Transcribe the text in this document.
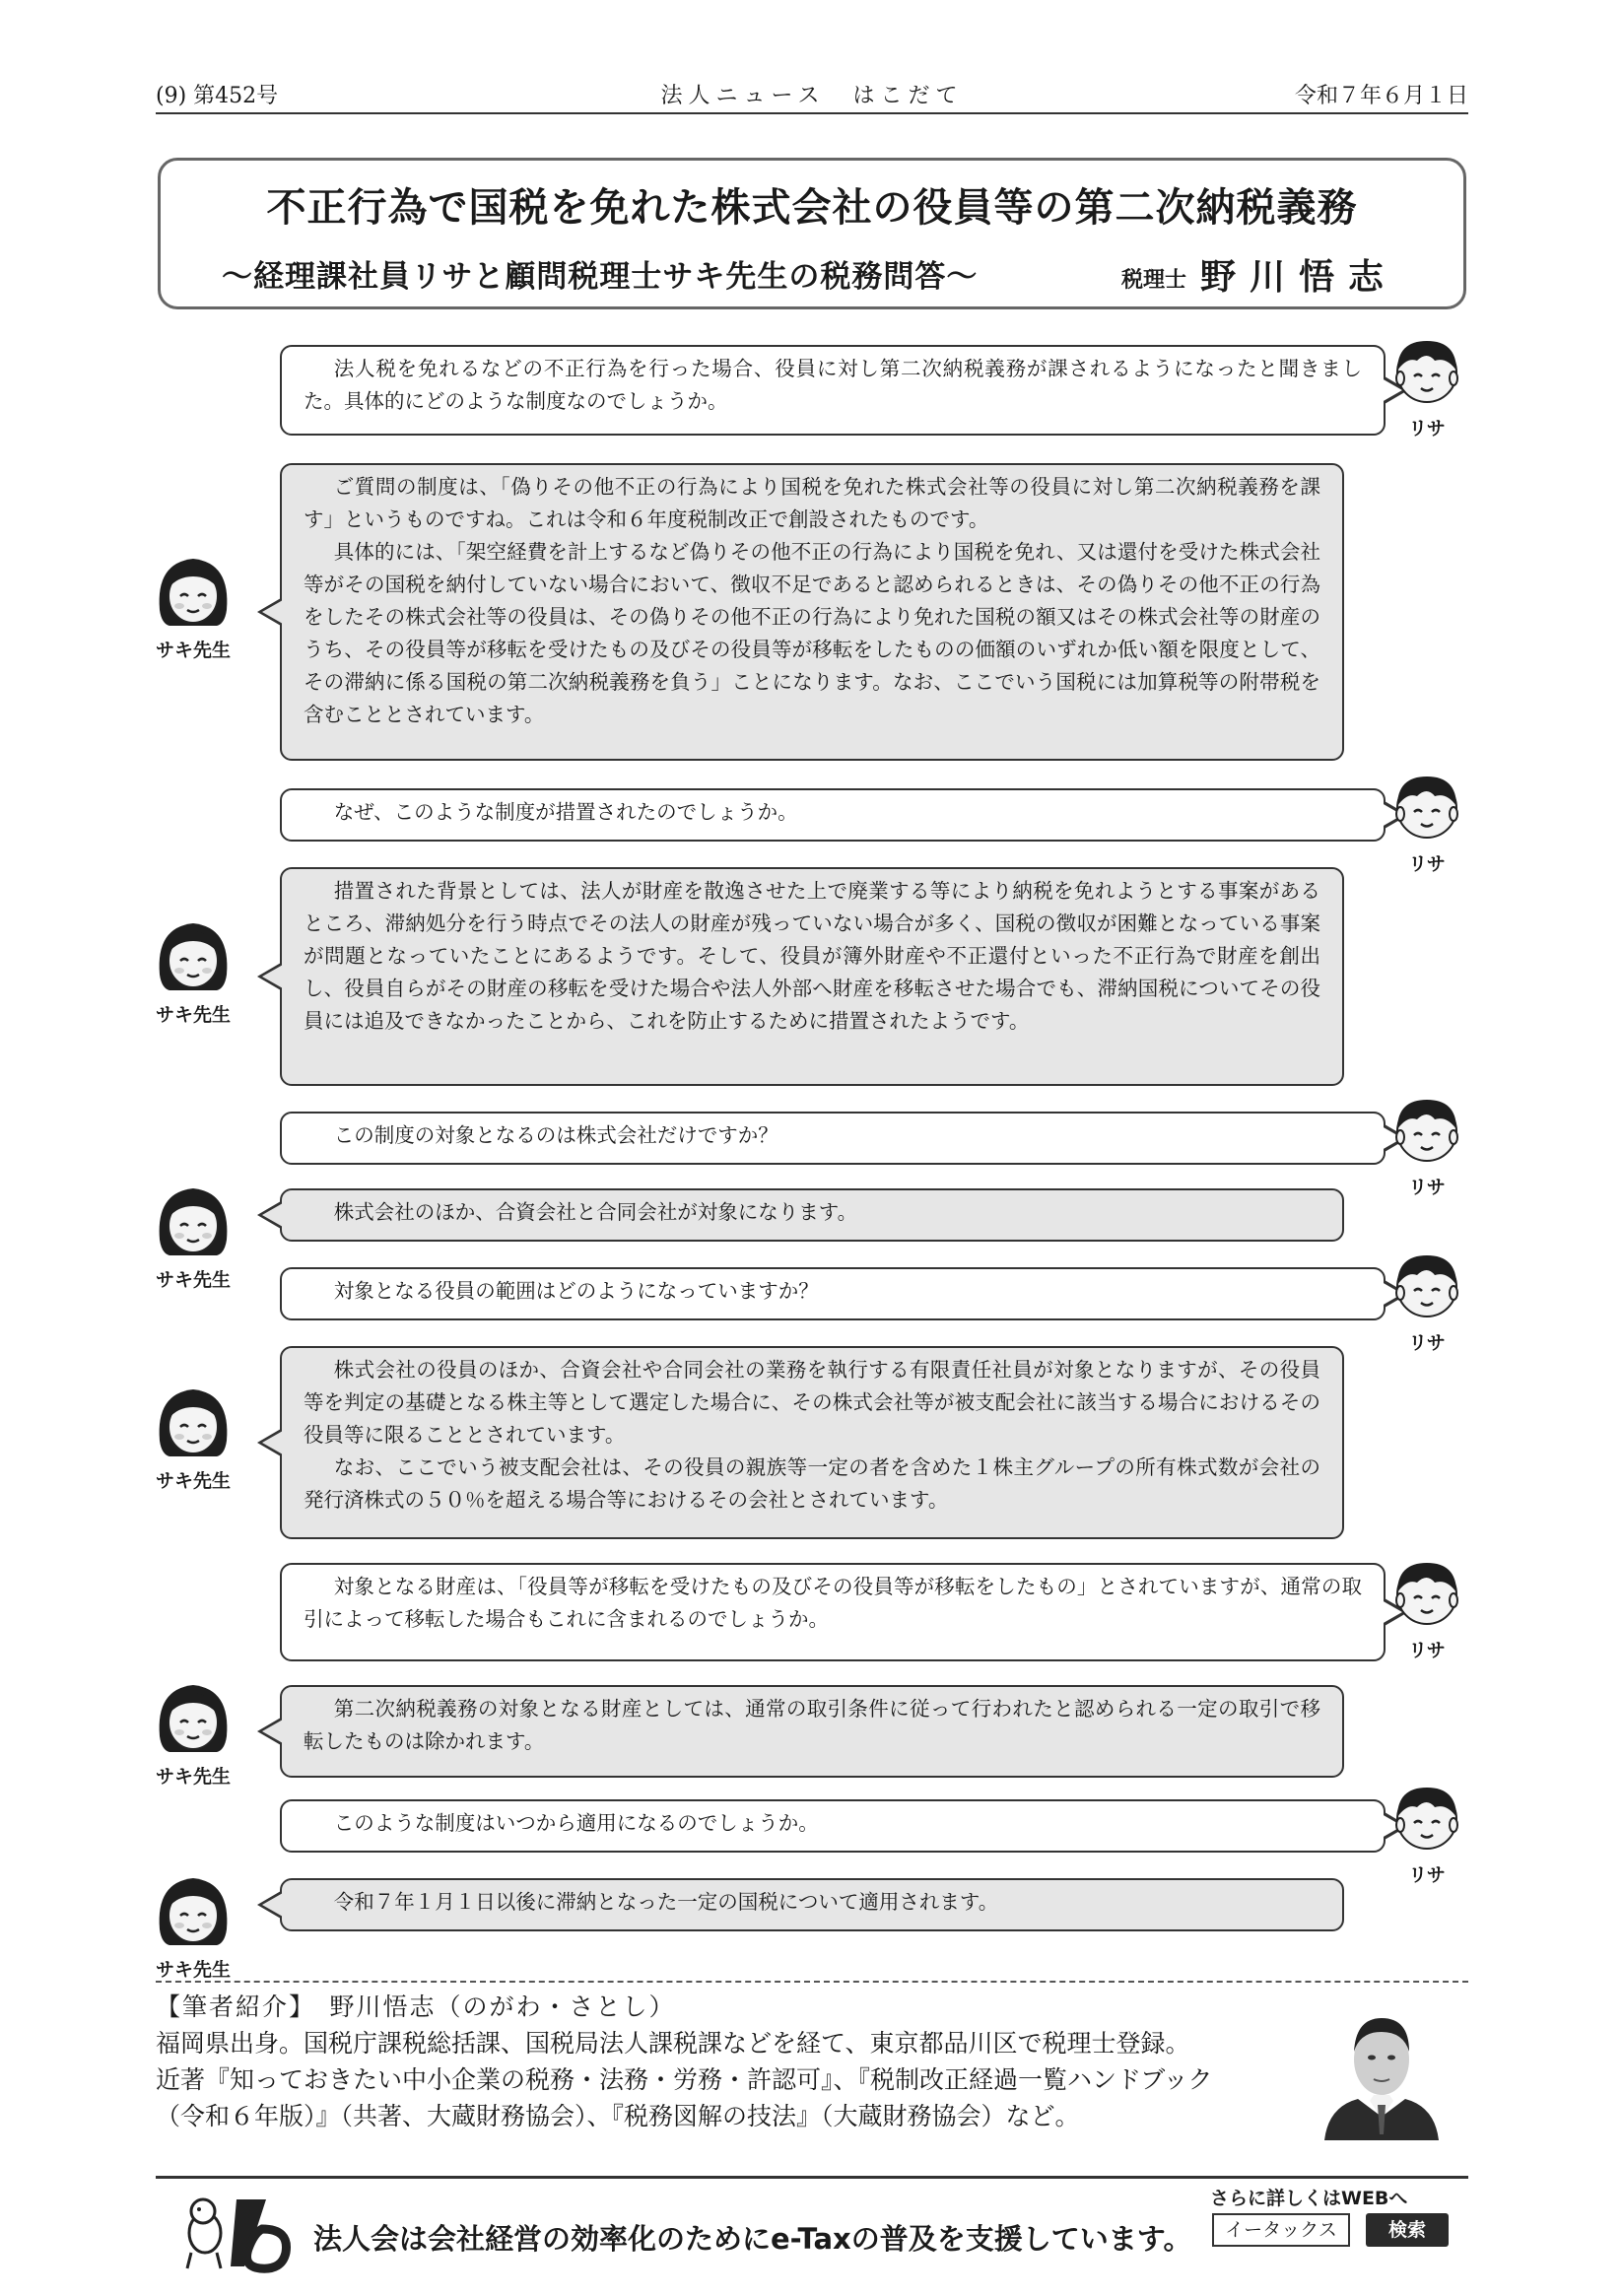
(9) 第452号	法人ニュース　はこだて	令和７年６月１日
不正行為で国税を免れた株式会社の役員等の第二次納税義務
〜経理課社員リサと顧問税理士サキ先生の税務問答〜	税理士 野川悟志

法人税を免れるなどの不正行為を行った場合、役員に対し第二次納税義務が課されるようになったと聞きました。具体的にどのような制度なのでしょうか。

リサ

ご質問の制度は、「偽りその他不正の行為により国税を免れた株式会社等の役員に対し第二次納税義務を課す」というものですね。これは令和６年度税制改正で創設されたものです。

具体的には、「架空経費を計上するなど偽りその他不正の行為により国税を免れ、又は還付を受けた株式会社等がその国税を納付していない場合において、徴収不足であると認められるときは、その偽りその他不正の行為をしたその株式会社等の役員は、その偽りその他不正の行為により免れた国税の額又はその株式会社等の財産のうち、その役員等が移転を受けたもの及びその役員等が移転をしたものの価額のいずれか低い額を限度として、その滞納に係る国税の第二次納税義務を負う」ことになります。なお、ここでいう国税には加算税等の附帯税を含むこととされています。

サキ先生

なぜ、このような制度が措置されたのでしょうか。

リサ

措置された背景としては、法人が財産を散逸させた上で廃業する等により納税を免れようとする事案があるところ、滞納処分を行う時点でその法人の財産が残っていない場合が多く、国税の徴収が困難となっている事案が問題となっていたことにあるようです。そして、役員が簿外財産や不正還付といった不正行為で財産を創出し、役員自らがその財産の移転を受けた場合や法人外部へ財産を移転させた場合でも、滞納国税についてその役員には追及できなかったことから、これを防止するために措置されたようです。

サキ先生

この制度の対象となるのは株式会社だけですか？

リサ

株式会社のほか、合資会社と合同会社が対象になります。

サキ先生	対象となる役員の範囲はどのようになっていますか？

リサ

株式会社の役員のほか、合資会社や合同会社の業務を執行する有限責任社員が対象となりますが、その役員等を判定の基礎となる株主等として選定した場合に、その株式会社等が被支配会社に該当する場合におけるその役員等に限ることとされています。

なお、ここでいう被支配会社は、その役員の親族等一定の者を含めた１株主グループの所有株式数が会社の発行済株式の５０％を超える場合等におけるその会社とされています。

サキ先生

対象となる財産は、「役員等が移転を受けたもの及びその役員等が移転をしたもの」とされていますが、通常の取引によって移転した場合もこれに含まれるのでしょうか。

リサ

第二次納税義務の対象となる財産としては、通常の取引条件に従って行われたと認められる一定の取引で移転したものは除かれます。

サキ先生

このような制度はいつから適用になるのでしょうか。

リサ

令和７年１月１日以後に滞納となった一定の国税について適用されます。

サキ先生
【筆者紹介】　 野川悟志（のがわ・さとし）
福岡県出身。国税庁課税総括課、国税局法人課税課などを経て、東京都品川区で税理士登録。
近著『知っておきたい中小企業の税務・法務・労務・許認可』、『税制改正経過一覧ハンドブック
（令和６年版）』（共著、大蔵財務協会）、『税務図解の技法』（大蔵財務協会）など。
法人会は会社経営の効率化のためにe-Taxの普及を支援しています。
さらに詳しくはWEBへ
イータックス	検索
